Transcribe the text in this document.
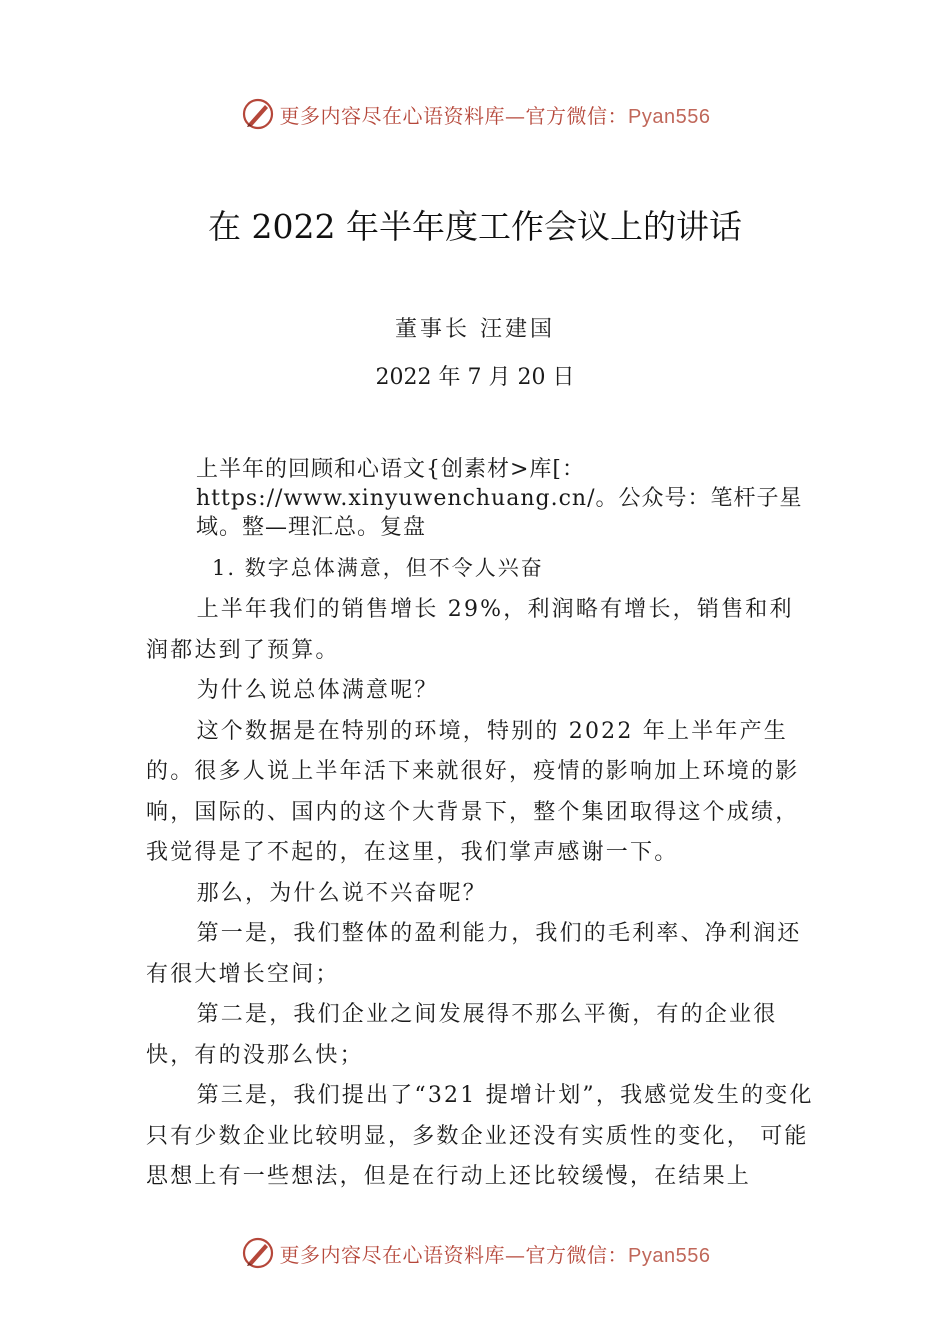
更多内容尽在心语资料库—官方微信：Pyan556
在 2022 年半年度工作会议上的讲话
董事长 汪建国
2022 年 7 月 20 日
上半年的回顾和心语文{创素材>库[：https://www.xinyuwenchuang.cn/。公众号：笔杆子星域。整—理汇总。复盘
1. 数字总体满意，但不令人兴奋

上半年我们的销售增长 29%，利润略有增长，销售和利润都达到了预算。

为什么说总体满意呢？

这个数据是在特别的环境，特别的 2022 年上半年产生的。很多人说上半年活下来就很好，疫情的影响加上环境的影响，国际的、国内的这个大背景下，整个集团取得这个成绩，我觉得是了不起的，在这里，我们掌声感谢一下。

那么，为什么说不兴奋呢？

第一是，我们整体的盈利能力，我们的毛利率、净利润还有很大增长空间；

第二是，我们企业之间发展得不那么平衡，有的企业很快，有的没那么快；

第三是，我们提出了“321 提增计划”，我感觉发生的变化只有少数企业比较明显，多数企业还没有实质性的变化， 可能思想上有一些想法，但是在行动上还比较缓慢，在结果上

更多内容尽在心语资料库—官方微信：Pyan556
